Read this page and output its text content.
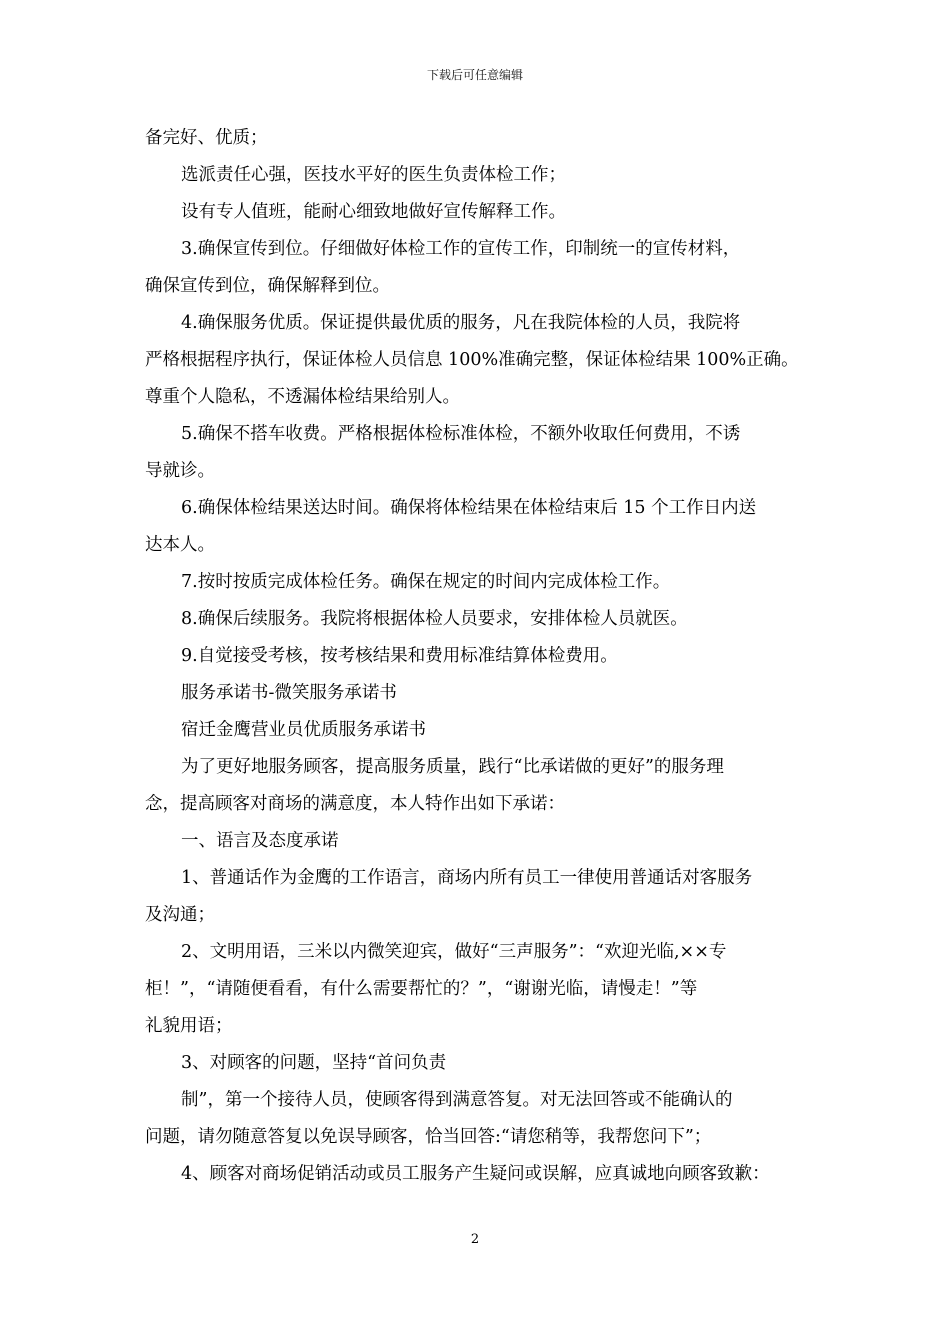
下载后可任意编辑
备完好、优质；
选派责任心强，医技水平好的医生负责体检工作；
设有专人值班，能耐心细致地做好宣传解释工作。
3.确保宣传到位。仔细做好体检工作的宣传工作，印制统一的宣传材料，
确保宣传到位，确保解释到位。
4.确保服务优质。保证提供最优质的服务，凡在我院体检的人员，我院将
严格根据程序执行，保证体检人员信息 100%准确完整，保证体检结果 100%正确。
尊重个人隐私，不透漏体检结果给别人。
5.确保不搭车收费。严格根据体检标准体检，不额外收取任何费用，不诱
导就诊。
6.确保体检结果送达时间。确保将体检结果在体检结束后 15 个工作日内送
达本人。
7.按时按质完成体检任务。确保在规定的时间内完成体检工作。
8.确保后续服务。我院将根据体检人员要求，安排体检人员就医。
9.自觉接受考核，按考核结果和费用标准结算体检费用。
服务承诺书-微笑服务承诺书
宿迁金鹰营业员优质服务承诺书
为了更好地服务顾客，提高服务质量，践行“比承诺做的更好”的服务理
念，提高顾客对商场的满意度，本人特作出如下承诺：
一、语言及态度承诺
1、普通话作为金鹰的工作语言，商场内所有员工一律使用普通话对客服务
及沟通；
2、文明用语，三米以内微笑迎宾，做好“三声服务”：“欢迎光临,××专
柜！”，“请随便看看，有什么需要帮忙的？”，“谢谢光临，请慢走！”等
礼貌用语；
3、对顾客的问题，坚持“首问负责
制”，第一个接待人员，使顾客得到满意答复。对无法回答或不能确认的
问题，请勿随意答复以免误导顾客，恰当回答:“请您稍等，我帮您问下”；
4、顾客对商场促销活动或员工服务产生疑问或误解，应真诚地向顾客致歉：
2
